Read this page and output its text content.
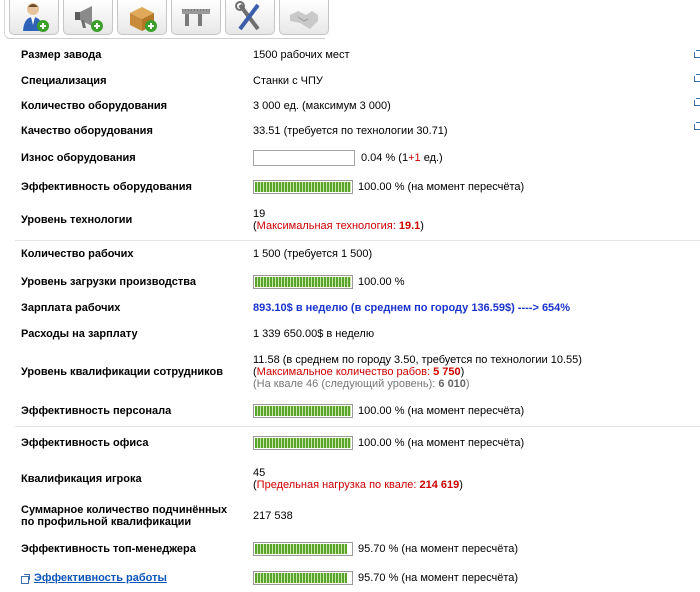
Размер завода	1500 рабочих мест
Специализация	Станки с ЧПУ
Количество оборудования	3 000 ед. (максимум 3 000)
Качество оборудования	33.51 (требуется по технологии 30.71)
Износ оборудования	0.04 % (1+1 ед.)
Эффективность оборудования	100.00 % (на момент пересчёта)
Уровень технологии	19
(Максимальная технология: 19.1)

Количество рабочих	1 500 (требуется 1 500)
Уровень загрузки производства	100.00 %
Зарплата рабочих	893.10$ в неделю (в среднем по городу 136.59$) ----> 654%
Расходы на зарплату	1 339 650.00$ в неделю
Уровень квалификации сотрудников	11.58 (в среднем по городу 3.50, требуется по технологии 10.55)
(Максимальное количество рабов: 5 750)
(На квале 46 (следующий уровень): 6 010)

Эффективность персонала	100.00 % (на момент пересчёта)
Эффективность офиса	100.00 % (на момент пересчёта)
Квалификация игрока	45
(Предельная нагрузка по квале: 214 619)

Суммарное количество подчинённых
по профильной квалификации	217 538
Эффективность топ-менеджера	95.70 % (на момент пересчёта)
Эффективность работы	95.70 % (на момент пересчёта)
